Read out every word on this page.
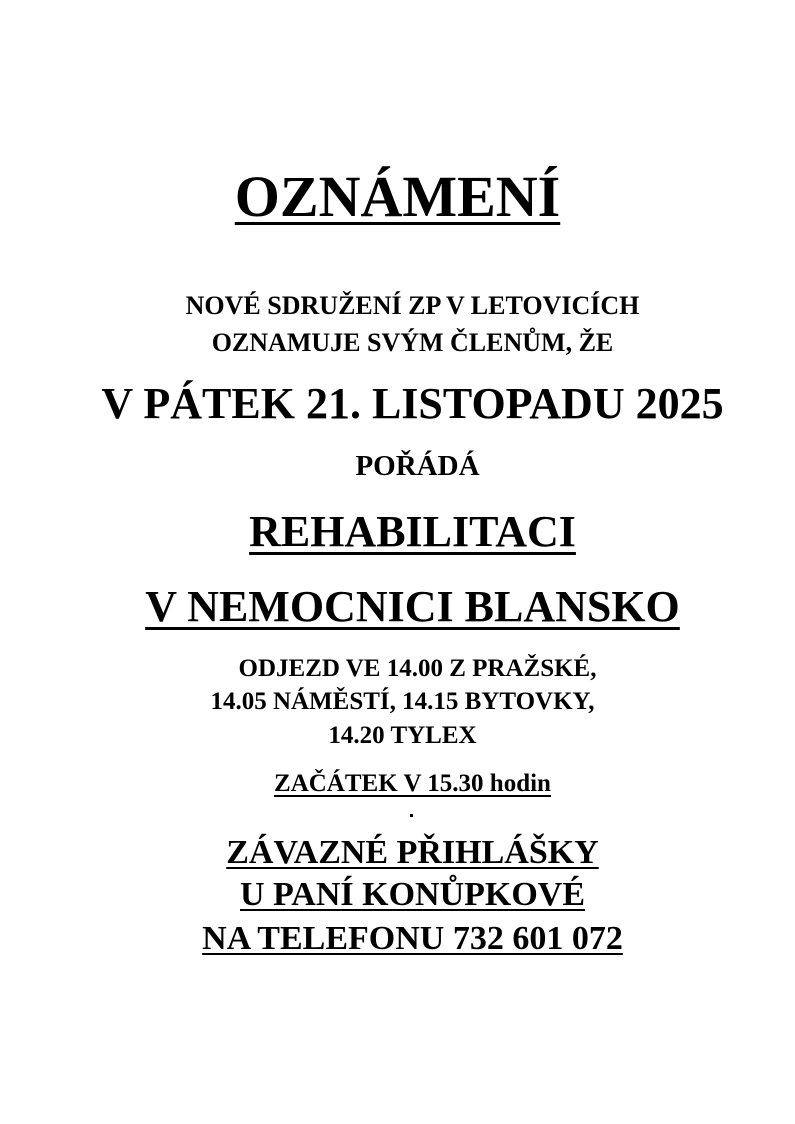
OZNÁMENÍ
NOVÉ SDRUŽENÍ ZP V LETOVICÍCH
OZNAMUJE SVÝM ČLENŮM, ŽE
V PÁTEK 21. LISTOPADU 2025
POŘÁDÁ
REHABILITACI
V NEMOCNICI BLANSKO
ODJEZD VE 14.00 Z PRAŽSKÉ,
14.05 NÁMĚSTÍ, 14.15 BYTOVKY,
14.20 TYLEX
ZAČÁTEK V 15.30 hodin
ZÁVAZNÉ PŘIHLÁŠKY
U PANÍ KONŮPKOVÉ
NA TELEFONU 732 601 072
